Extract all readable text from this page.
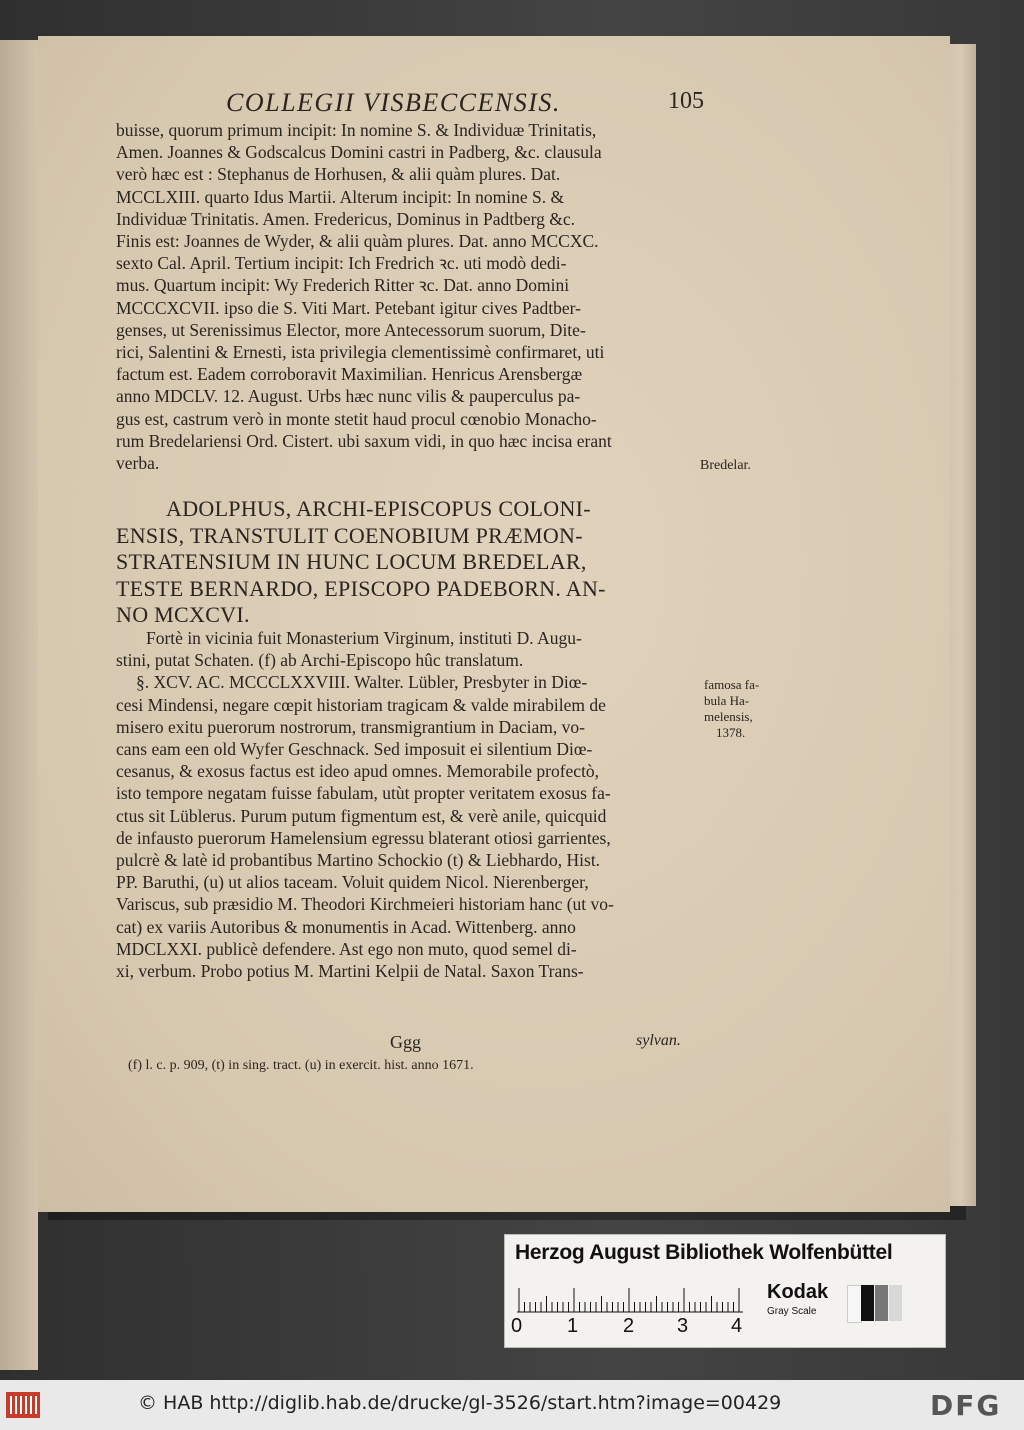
COLLEGII VISBECCENSIS.	105
buisse, quorum primum incipit: In nomine S. & Individuæ Trinitatis,
Amen. Joannes & Godscalcus Domini castri in Padberg, &c. clausula
verò hæc est : Stephanus de Horhusen, & alii quàm plures. Dat.
MCCLXIII. quarto Idus Martii. Alterum incipit: In nomine S. &
Individuæ Trinitatis. Amen. Fredericus, Dominus in Padtberg &c.
Finis est: Joannes de Wyder, & alii quàm plures. Dat. anno MCCXC.
sexto Cal. April. Tertium incipit: Ich Fredrich ꝛc. uti modò dedi-
mus. Quartum incipit: Wy Frederich Ritter ꝛc. Dat. anno Domini
MCCCXCVII. ipso die S. Viti Mart. Petebant igitur cives Padtber-
genses, ut Serenissimus Elector, more Antecessorum suorum, Dite-
rici, Salentini & Ernesti, ista privilegia clementissimè confirmaret, uti
factum est. Eadem corroboravit Maximilian. Henricus Arensbergæ
anno MDCLV. 12. August. Urbs hæc nunc vilis & pauperculus pa-
gus est, castrum verò in monte stetit haud procul cœnobio Monacho-
rum Bredelariensi Ord. Cistert. ubi saxum vidi, in quo hæc incisa erant
verba.
ADOLPHUS, ARCHI-EPISCOPUS COLONI-
ENSIS, TRANSTULIT COENOBIUM PRÆMON-
STRATENSIUM IN HUNC LOCUM BREDELAR,
TESTE BERNARDO, EPISCOPO PADEBORN. AN-
NO MCXCVI.
Fortè in vicinia fuit Monasterium Virginum, instituti D. Augu-
stini, putat Schaten. (f) ab Archi-Episcopo hûc translatum.
§. XCV. AC. MCCCLXXVIII. Walter. Lübler, Presbyter in Diœ-
cesi Mindensi, negare cœpit historiam tragicam & valde mirabilem de
misero exitu puerorum nostrorum, transmigrantium in Daciam, vo-
cans eam een old Wyfer Geschnack. Sed imposuit ei silentium Diœ-
cesanus, & exosus factus est ideo apud omnes. Memorabile profectò,
isto tempore negatam fuisse fabulam, utùt propter veritatem exosus fa-
ctus sit Lüblerus. Purum putum figmentum est, & verè anile, quicquid
de infausto puerorum Hamelensium egressu blaterant otiosi garrientes,
pulcrè & latè id probantibus Martino Schockio (t) & Liebhardo, Hist.
PP. Baruthi, (u) ut alios taceam. Voluit quidem Nicol. Nierenberger,
Variscus, sub præsidio M. Theodori Kirchmeieri historiam hanc (ut vo-
cat) ex variis Autoribus & monumentis in Acad. Wittenberg. anno
MDCLXXI. publicè defendere. Ast ego non muto, quod semel di-
xi, verbum. Probo potius M. Martini Kelpii de Natal. Saxon Trans-
Bredelar.
famosa fa-
bula Ha-
melensis,
1378.
Ggg	sylvan.
(f) l. c. p. 909, (t) in sing. tract. (u) in exercit. hist. anno 1671.
Herzog August Bibliothek Wolfenbüttel
0 1 2 3 4
Kodak
Gray Scale
© HAB http://diglib.hab.de/drucke/gl-3526/start.htm?image=00429	DFG
